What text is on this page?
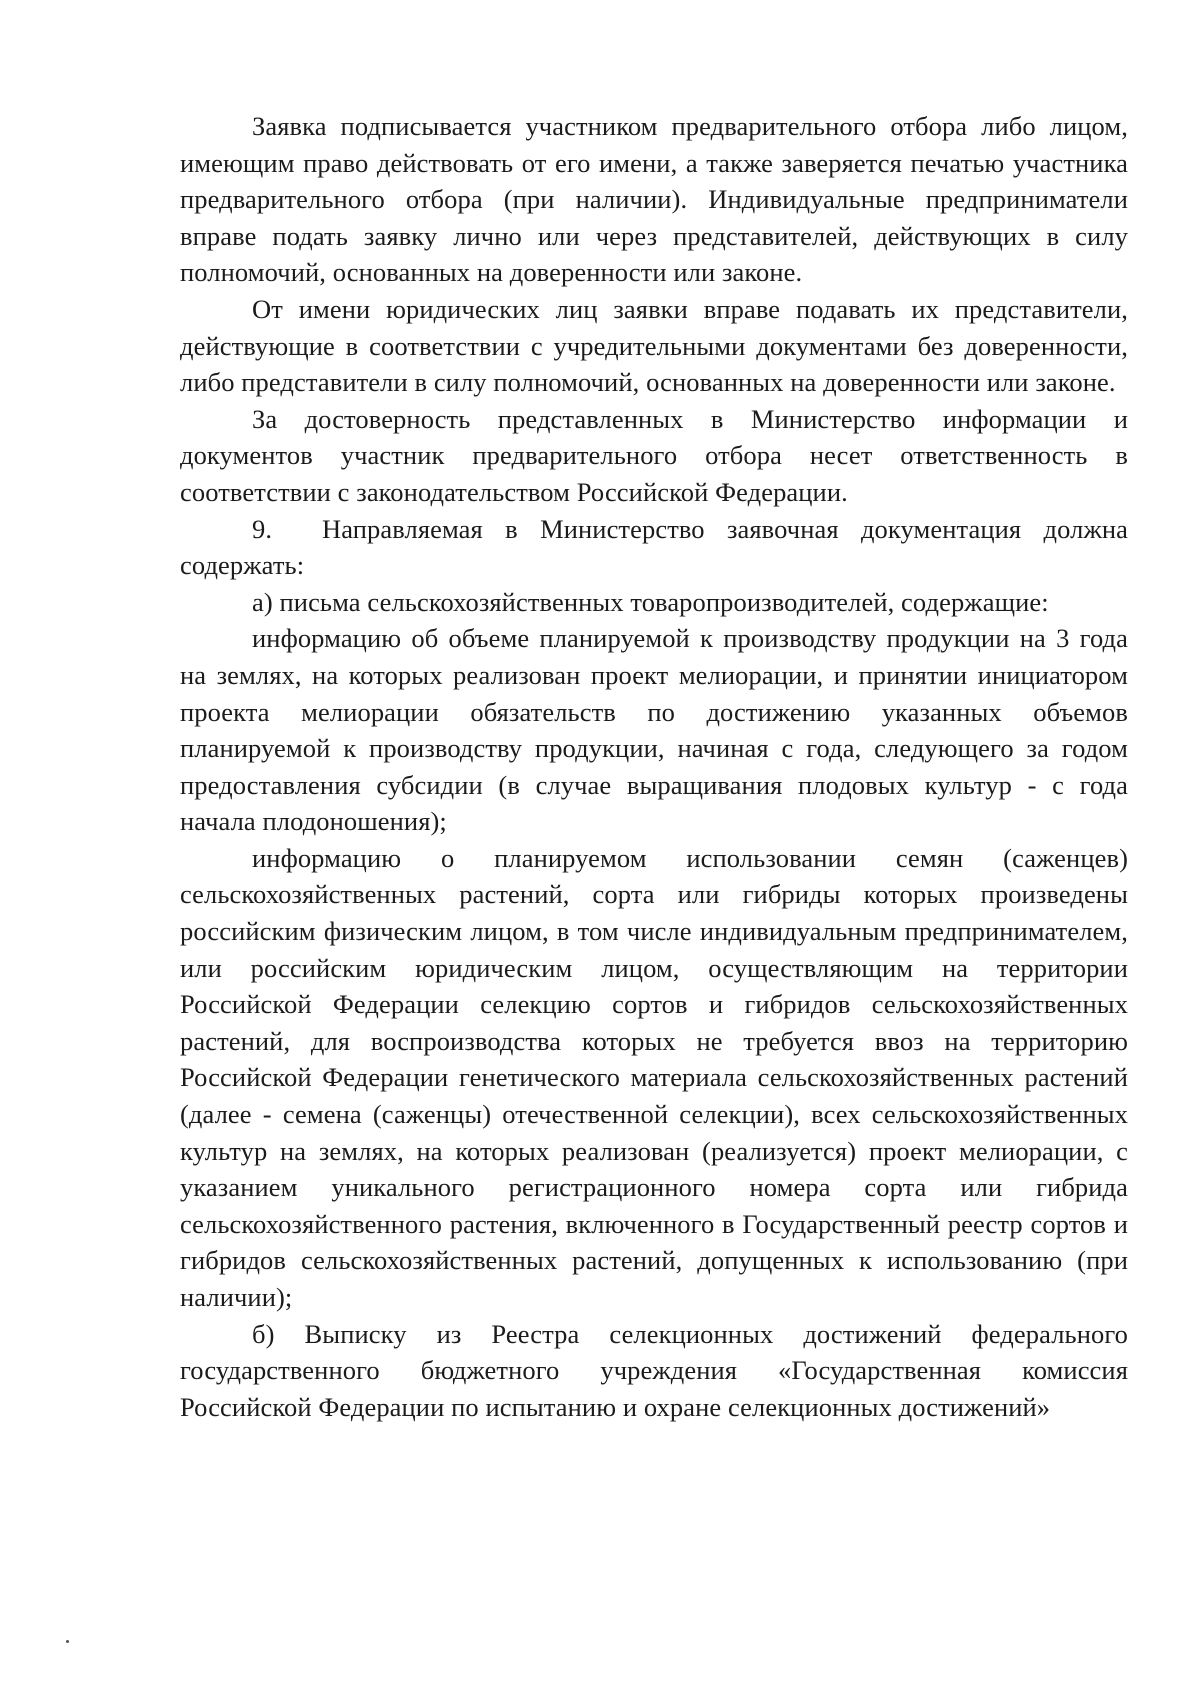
Заявка подписывается участником предварительного отбора либо лицом, имеющим право действовать от его имени, а также заверяется печатью участника предварительного отбора (при наличии). Индивидуальные предприниматели вправе подать заявку лично или через представителей, действующих в силу полномочий, основанных на доверенности или законе.

От имени юридических лиц заявки вправе подавать их представители, действующие в соответствии с учредительными документами без доверенности, либо представители в силу полномочий, основанных на доверенности или законе.

За достоверность представленных в Министерство информации и документов участник предварительного отбора несет ответственность в соответствии с законодательством Российской Федерации.

9. Направляемая в Министерство заявочная документация должна содержать:

а) письма сельскохозяйственных товаропроизводителей, содержащие:

информацию об объеме планируемой к производству продукции на 3 года на землях, на которых реализован проект мелиорации, и принятии инициатором проекта мелиорации обязательств по достижению указанных объемов планируемой к производству продукции, начиная с года, следующего за годом предоставления субсидии (в случае выращивания плодовых культур - с года начала плодоношения);

информацию о планируемом использовании семян (саженцев) сельскохозяйственных растений, сорта или гибриды которых произведены российским физическим лицом, в том числе индивидуальным предпринимателем, или российским юридическим лицом, осуществляющим на территории Российской Федерации селекцию сортов и гибридов сельскохозяйственных растений, для воспроизводства которых не требуется ввоз на территорию Российской Федерации генетического материала сельскохозяйственных растений (далее - семена (саженцы) отечественной селекции), всех сельскохозяйственных культур на землях, на которых реализован (реализуется) проект мелиорации, с указанием уникального регистрационного номера сорта или гибрида сельскохозяйственного растения, включенного в Государственный реестр сортов и гибридов сельскохозяйственных растений, допущенных к использованию (при наличии);

б) Выписку из Реестра селекционных достижений федерального государственного бюджетного учреждения «Государственная комиссия Российской Федерации по испытанию и охране селекционных достижений»
